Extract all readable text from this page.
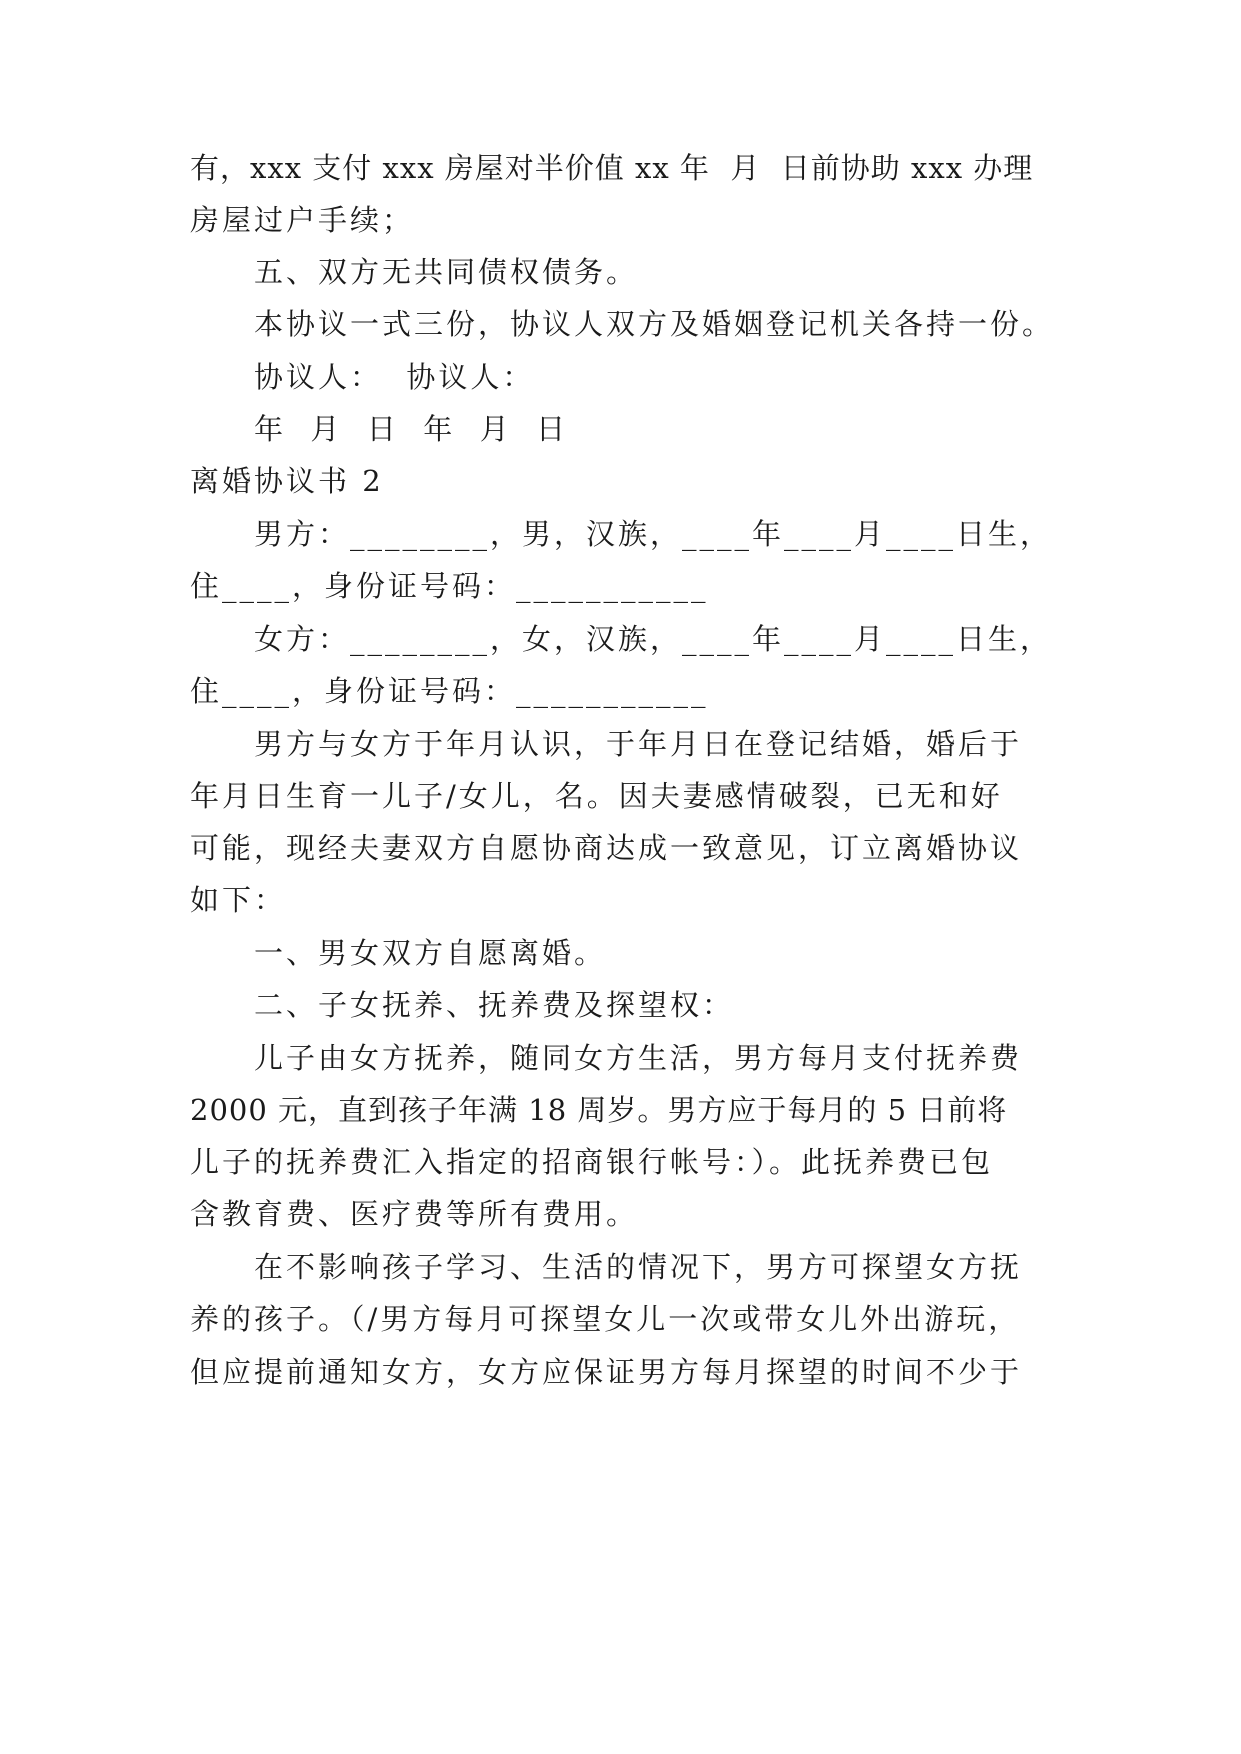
有，xxx 支付 xxx 房屋对半价值 xx 年  月  日前协助 xxx 办理
房屋过户手续；
五、双方无共同债权债务。
本协议一式三份，协议人双方及婚姻登记机关各持一份。
协议人：  协议人：
年  月  日  年  月  日
离婚协议书 2
男方：________，男，汉族，____年____月____日生，
住____，身份证号码：___________
女方：________，女，汉族，____年____月____日生，
住____，身份证号码：___________
男方与女方于年月认识，于年月日在登记结婚，婚后于
年月日生育一儿子/女儿，名。因夫妻感情破裂，已无和好
可能，现经夫妻双方自愿协商达成一致意见，订立离婚协议
如下：
一、男女双方自愿离婚。
二、子女抚养、抚养费及探望权：
儿子由女方抚养，随同女方生活，男方每月支付抚养费
2000 元，直到孩子年满 18 周岁。男方应于每月的 5 日前将
儿子的抚养费汇入指定的招商银行帐号：）。此抚养费已包
含教育费、医疗费等所有费用。
在不影响孩子学习、生活的情况下，男方可探望女方抚
养的孩子。（/男方每月可探望女儿一次或带女儿外出游玩，
但应提前通知女方，女方应保证男方每月探望的时间不少于
